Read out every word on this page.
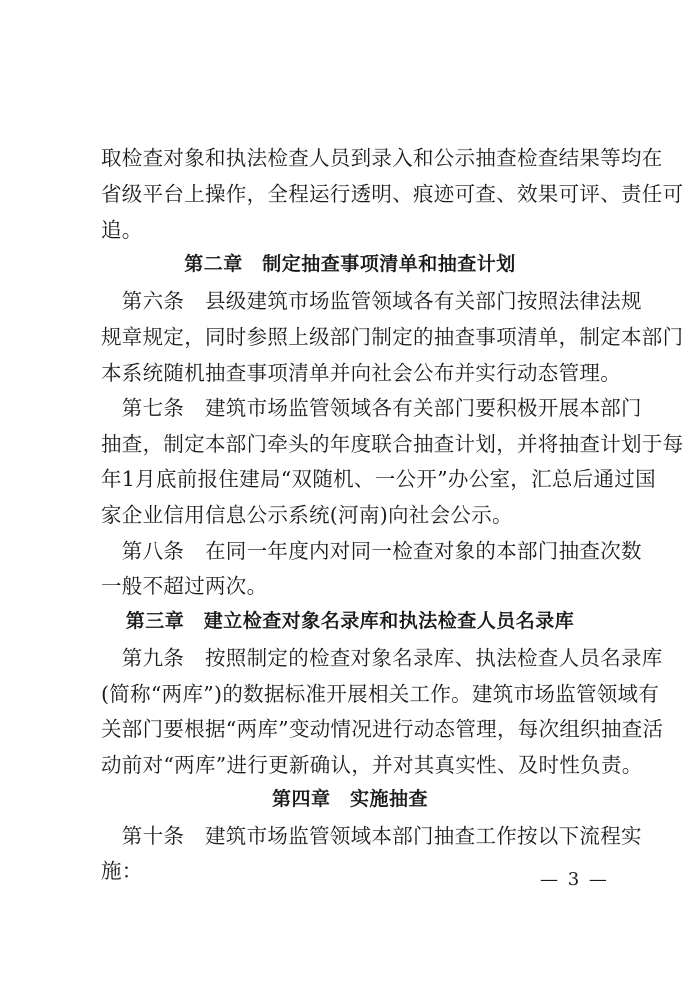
取检查对象和执法检查人员到录入和公示抽查检查结果等均在
省级平台上操作，全程运行透明、痕迹可查、效果可评、责任可
追。
第二章　制定抽查事项清单和抽查计划
　第六条　县级建筑市场监管领域各有关部门按照法律法规
规章规定，同时参照上级部门制定的抽查事项清单，制定本部门
本系统随机抽查事项清单并向社会公布并实行动态管理。
　第七条　建筑市场监管领域各有关部门要积极开展本部门
抽查，制定本部门牵头的年度联合抽查计划，并将抽查计划于每
年1月底前报住建局“双随机、一公开”办公室，汇总后通过国
家企业信用信息公示系统(河南)向社会公示。
　第八条　在同一年度内对同一检查对象的本部门抽查次数
一般不超过两次。
第三章　建立检查对象名录库和执法检查人员名录库
　第九条　按照制定的检查对象名录库、执法检查人员名录库
(简称“两库”)的数据标准开展相关工作。建筑市场监管领域有
关部门要根据“两库”变动情况进行动态管理，每次组织抽查活
动前对“两库”进行更新确认，并对其真实性、及时性负责。
第四章　实施抽查
　第十条　建筑市场监管领域本部门抽查工作按以下流程实
施：	— 3 —
